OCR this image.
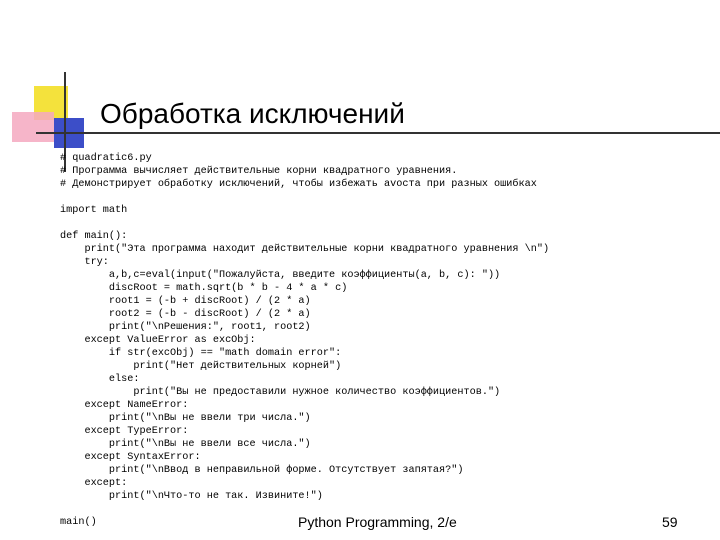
Обработка исключений
# quadratic6.py
# Программа вычисляет действительные корни квадратного уравнения.
# Демонстрирует обработку исключений, чтобы избежать аvоста при разных ошибках
import math
def main():
print("Эта программа находит действительные корни квадратного уравнения \n")
try:
a,b,c=eval(input("Пожалуйста, введите коэффициенты(a, b, c): "))
discRoot = math.sqrt(b * b - 4 * a * c)
root1 = (-b + discRoot) / (2 * a)
root2 = (-b - discRoot) / (2 * a)
print("\nРешения:", root1, root2)
except ValueError as excObj:
if str(excObj) == "math domain error":
print("Нет действительных корней")
else:
print("Вы не предоставили нужное количество коэффициентов.")
except NameError:
print("\nВы не ввели три числа.")
except TypeError:
print("\nВы не ввели все числа.")
except SyntaxError:
print("\nВвод в неправильной форме. Отсутствует запятая?")
except:
print("\nЧто-то не так. Извините!")
main()	Python Programming, 2/e	59
